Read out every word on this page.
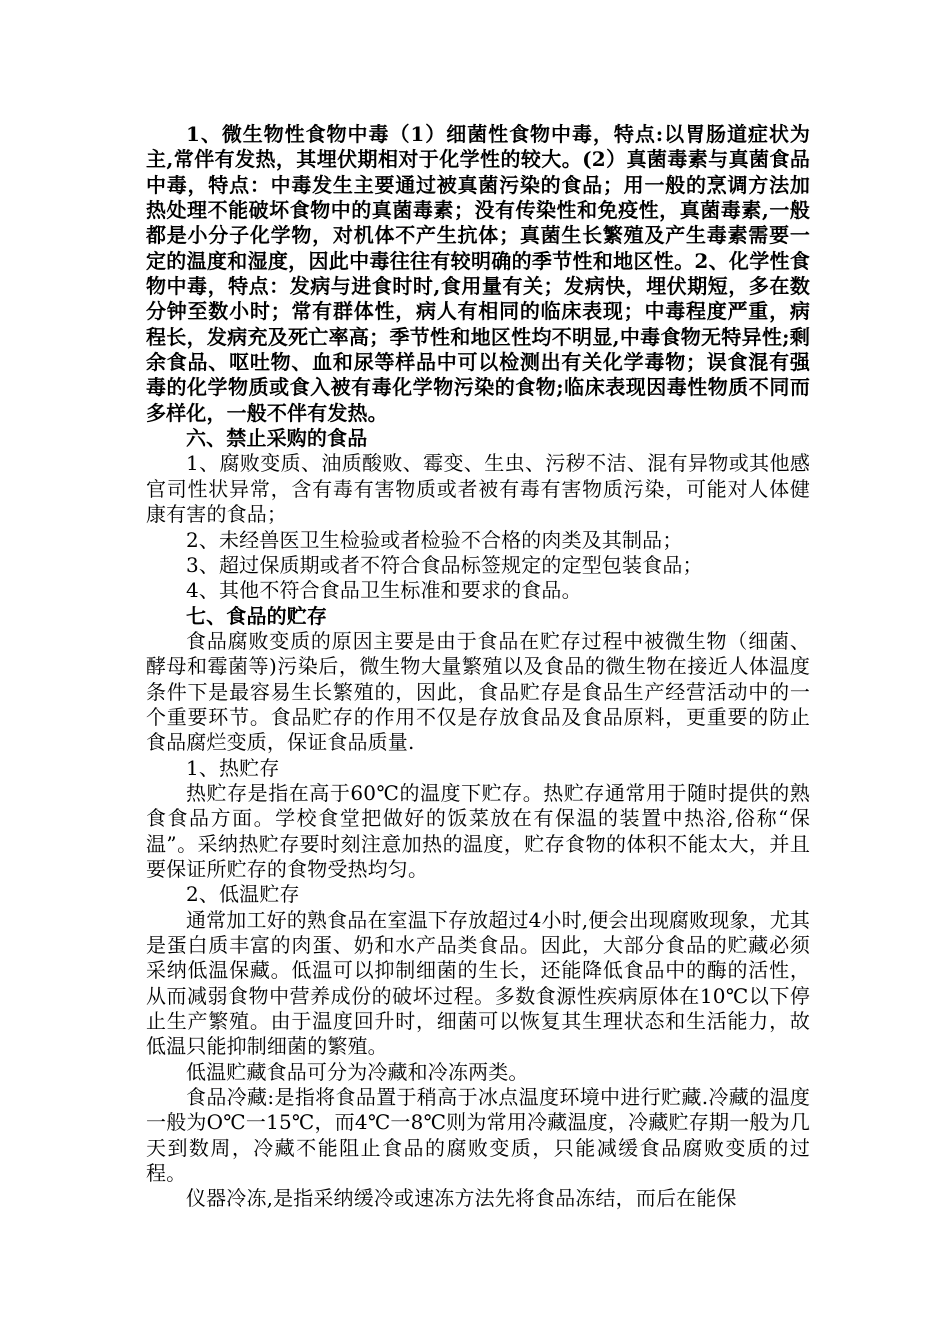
1、微生物性食物中毒（1）细菌性食物中毒，特点:以胃肠道症状为主,常伴有发热，其埋伏期相对于化学性的较大。(2）真菌毒素与真菌食品中毒，特点：中毒发生主要通过被真菌污染的食品；用一般的烹调方法加热处理不能破坏食物中的真菌毒素；没有传染性和免疫性，真菌毒素,一般都是小分子化学物，对机体不产生抗体；真菌生长繁殖及产生毒素需要一定的温度和湿度，因此中毒往往有较明确的季节性和地区性。2、化学性食物中毒，特点：发病与进食时时,食用量有关；发病快，埋伏期短，多在数分钟至数小时；常有群体性，病人有相同的临床表现；中毒程度严重，病程长，发病充及死亡率高；季节性和地区性均不明显,中毒食物无特异性;剩余食品、呕吐物、血和尿等样品中可以检测出有关化学毒物；误食混有强毒的化学物质或食入被有毒化学物污染的食物;临床表现因毒性物质不同而多样化，一般不伴有发热。

六、禁止采购的食品

1、腐败变质、油质酸败、霉变、生虫、污秽不洁、混有异物或其他感官司性状异常，含有毒有害物质或者被有毒有害物质污染，可能对人体健康有害的食品；

2、未经兽医卫生检验或者检验不合格的肉类及其制品；

3、超过保质期或者不符合食品标签规定的定型包装食品；

4、其他不符合食品卫生标准和要求的食品。

七、食品的贮存

食品腐败变质的原因主要是由于食品在贮存过程中被微生物（细菌、酵母和霉菌等)污染后，微生物大量繁殖以及食品的微生物在接近人体温度条件下是最容易生长繁殖的，因此，食品贮存是食品生产经营活动中的一个重要环节。食品贮存的作用不仅是存放食品及食品原料，更重要的防止食品腐烂变质，保证食品质量.

1、热贮存

热贮存是指在高于60℃的温度下贮存。热贮存通常用于随时提供的熟食食品方面。学校食堂把做好的饭菜放在有保温的装置中热浴,俗称“保温”。采纳热贮存要时刻注意加热的温度，贮存食物的体积不能太大，并且要保证所贮存的食物受热均匀。

2、低温贮存

通常加工好的熟食品在室温下存放超过4小时,便会出现腐败现象，尤其是蛋白质丰富的肉蛋、奶和水产品类食品。因此，大部分食品的贮藏必须采纳低温保藏。低温可以抑制细菌的生长，还能降低食品中的酶的活性，从而减弱食物中营养成份的破坏过程。多数食源性疾病原体在10℃以下停止生产繁殖。由于温度回升时，细菌可以恢复其生理状态和生活能力，故低温只能抑制细菌的繁殖。

低温贮藏食品可分为冷藏和冷冻两类。

食品冷藏:是指将食品置于稍高于冰点温度环境中进行贮藏.冷藏的温度一般为O℃一15℃，而4℃一8℃则为常用冷藏温度，冷藏贮存期一般为几天到数周，冷藏不能阻止食品的腐败变质，只能减缓食品腐败变质的过程。

仪器冷冻,是指采纳缓冷或速冻方法先将食品冻结，而后在能保
